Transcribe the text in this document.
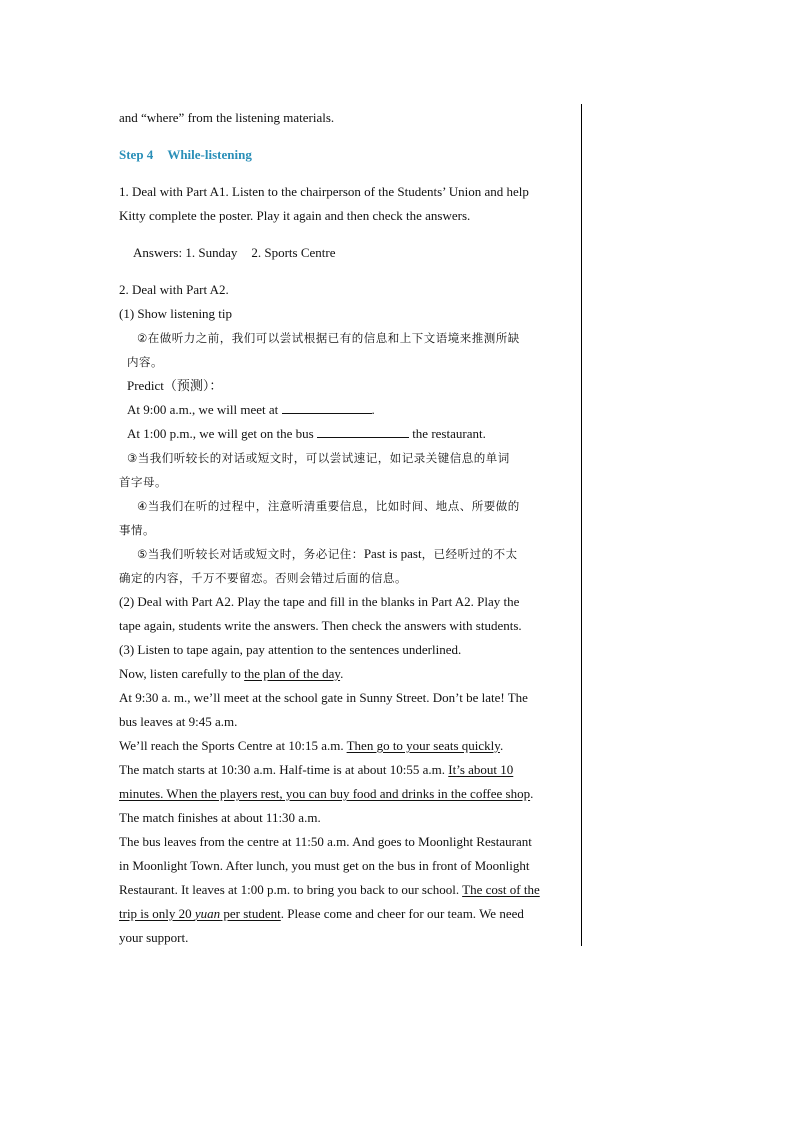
and “where” from the listening materials.
Step 4 While-listening
1. Deal with Part A1. Listen to the chairperson of the Students’ Union and help
Kitty complete the poster. Play it again and then check the answers.
Answers: 1. Sunday 2. Sports Centre
2. Deal with Part A2.
(1) Show listening tip
②在做听力之前，我们可以尝试根据已有的信息和上下文语境来推测所缺
内容。
Predict（预测）：
At 9:00 a.m., we will meet at	.
At 1:00 p.m., we will get on the bus	the restaurant.
③当我们听较长的对话或短文时，可以尝试速记，如记录关键信息的单词
首字母。
④当我们在听的过程中，注意听清重要信息，比如时间、地点、所要做的
事情。
⑤当我们听较长对话或短文时，务必记住：Past is past，已经听过的不太
确定的内容，千万不要留恋。否则会错过后面的信息。
(2) Deal with Part A2. Play the tape and fill in the blanks in Part A2. Play the
tape again, students write the answers. Then check the answers with students.
(3) Listen to tape again, pay attention to the sentences underlined.
Now, listen carefully to the plan of the day.
At 9:30 a. m., we’ll meet at the school gate in Sunny Street. Don’t be late! The
bus leaves at 9:45 a.m.
We’ll reach the Sports Centre at 10:15 a.m. Then go to your seats quickly.
The match starts at 10:30 a.m. Half-time is at about 10:55 a.m. It’s about 10
minutes. When the players rest, you can buy food and drinks in the coffee shop.
The match finishes at about 11:30 a.m.
The bus leaves from the centre at 11:50 a.m. And goes to Moonlight Restaurant
in Moonlight Town. After lunch, you must get on the bus in front of Moonlight
Restaurant. It leaves at 1:00 p.m. to bring you back to our school. The cost of the
trip is only 20 yuan per student. Please come and cheer for our team. We need
your support.
